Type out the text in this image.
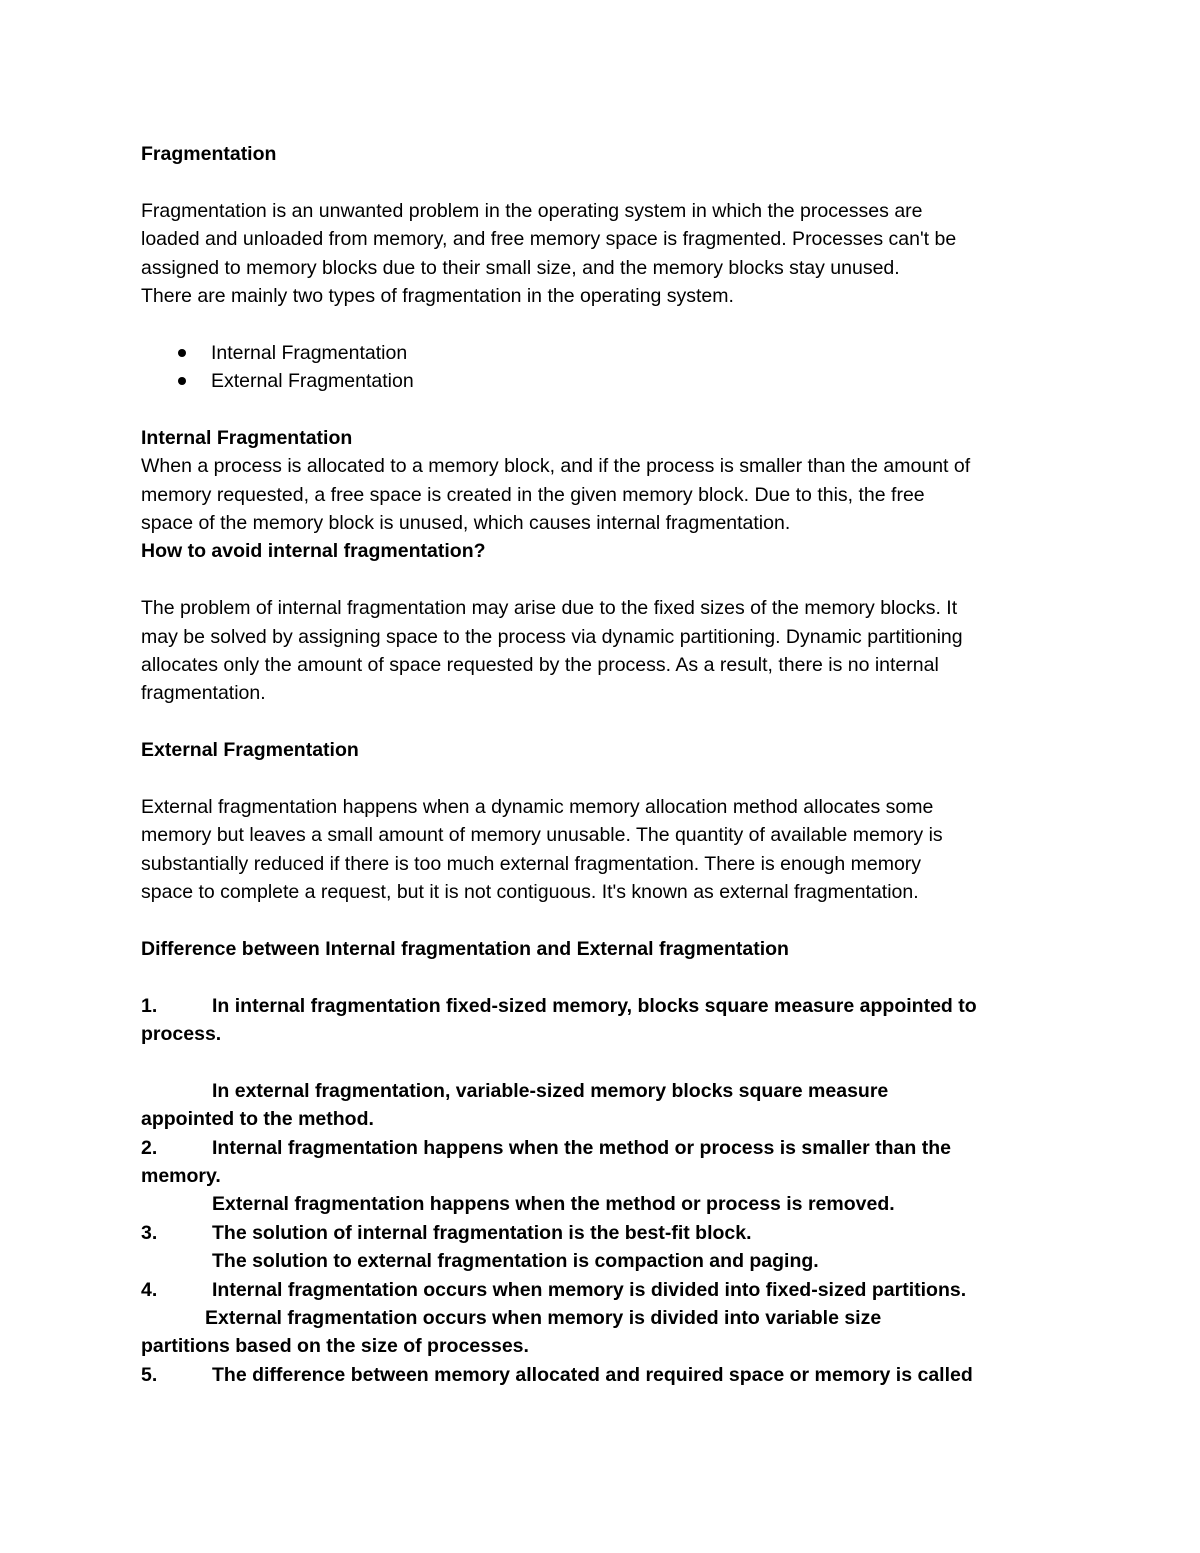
Fragmentation
Fragmentation is an unwanted problem in the operating system in which the processes are
loaded and unloaded from memory, and free memory space is fragmented. Processes can't be
assigned to memory blocks due to their small size, and the memory blocks stay unused.
There are mainly two types of fragmentation in the operating system.
Internal Fragmentation
External Fragmentation
Internal Fragmentation
When a process is allocated to a memory block, and if the process is smaller than the amount of
memory requested, a free space is created in the given memory block. Due to this, the free
space of the memory block is unused, which causes internal fragmentation.
How to avoid internal fragmentation?
The problem of internal fragmentation may arise due to the fixed sizes of the memory blocks. It
may be solved by assigning space to the process via dynamic partitioning. Dynamic partitioning
allocates only the amount of space requested by the process. As a result, there is no internal
fragmentation.
External Fragmentation
External fragmentation happens when a dynamic memory allocation method allocates some
memory but leaves a small amount of memory unusable. The quantity of available memory is
substantially reduced if there is too much external fragmentation. There is enough memory
space to complete a request, but it is not contiguous. It's known as external fragmentation.
Difference between Internal fragmentation and External fragmentation
1.	In internal fragmentation fixed-sized memory, blocks square measure appointed to
process.
In external fragmentation, variable-sized memory blocks square measure
appointed to the method.
2.	Internal fragmentation happens when the method or process is smaller than the
memory.
External fragmentation happens when the method or process is removed.
3.	The solution of internal fragmentation is the best-fit block.
The solution to external fragmentation is compaction and paging.
4.	Internal fragmentation occurs when memory is divided into fixed-sized partitions.
External fragmentation occurs when memory is divided into variable size
partitions based on the size of processes.
5.	The difference between memory allocated and required space or memory is called
